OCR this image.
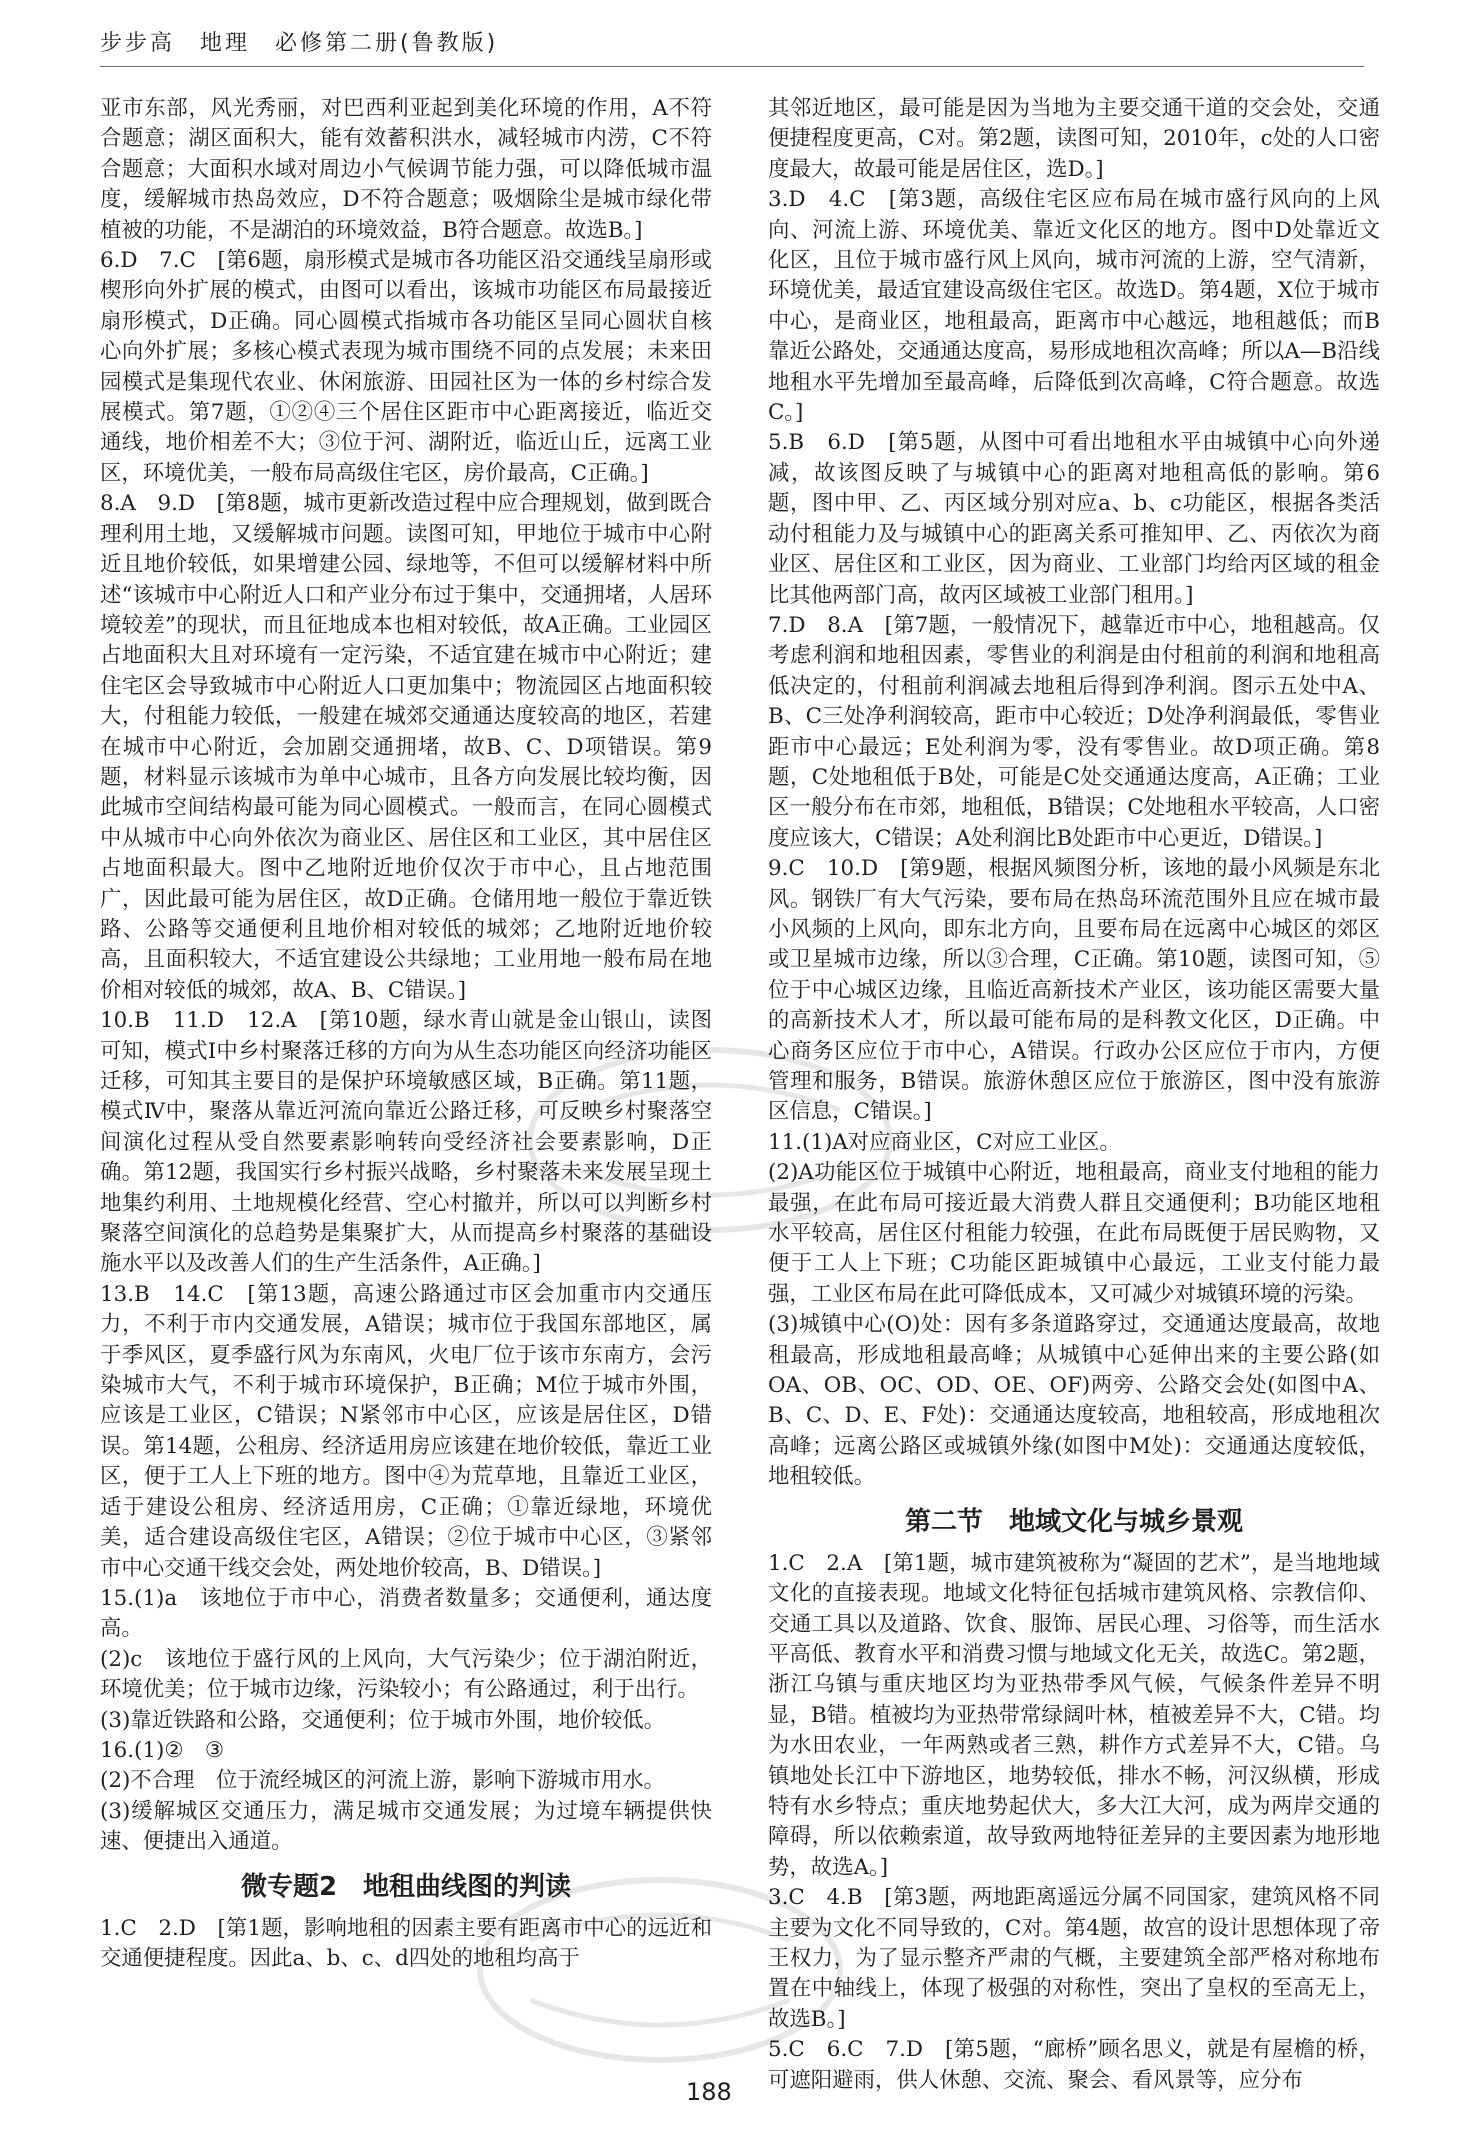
步步高　地理　必修第二册(鲁教版)

亚市东部，风光秀丽，对巴西利亚起到美化环境的作用，A不符合题意；湖区面积大，能有效蓄积洪水，减轻城市内涝，C不符合题意；大面积水域对周边小气候调节能力强，可以降低城市温度，缓解城市热岛效应，D不符合题意；吸烟除尘是城市绿化带植被的功能，不是湖泊的环境效益，B符合题意。故选B。]

6.D　7.C　[第6题，扇形模式是城市各功能区沿交通线呈扇形或楔形向外扩展的模式，由图可以看出，该城市功能区布局最接近扇形模式，D正确。同心圆模式指城市各功能区呈同心圆状自核心向外扩展；多核心模式表现为城市围绕不同的点发展；未来田园模式是集现代农业、休闲旅游、田园社区为一体的乡村综合发展模式。第7题，①②④三个居住区距市中心距离接近，临近交通线，地价相差不大；③位于河、湖附近，临近山丘，远离工业区，环境优美，一般布局高级住宅区，房价最高，C正确。]

8.A　9.D　[第8题，城市更新改造过程中应合理规划，做到既合理利用土地，又缓解城市问题。读图可知，甲地位于城市中心附近且地价较低，如果增建公园、绿地等，不但可以缓解材料中所述“该城市中心附近人口和产业分布过于集中，交通拥堵，人居环境较差”的现状，而且征地成本也相对较低，故A正确。工业园区占地面积大且对环境有一定污染，不适宜建在城市中心附近；建住宅区会导致城市中心附近人口更加集中；物流园区占地面积较大，付租能力较低，一般建在城郊交通通达度较高的地区，若建在城市中心附近，会加剧交通拥堵，故B、C、D项错误。第9题，材料显示该城市为单中心城市，且各方向发展比较均衡，因此城市空间结构最可能为同心圆模式。一般而言，在同心圆模式中从城市中心向外依次为商业区、居住区和工业区，其中居住区占地面积最大。图中乙地附近地价仅次于市中心，且占地范围广，因此最可能为居住区，故D正确。仓储用地一般位于靠近铁路、公路等交通便利且地价相对较低的城郊；乙地附近地价较高，且面积较大，不适宜建设公共绿地；工业用地一般布局在地价相对较低的城郊，故A、B、C错误。]

10.B　11.D　12.A　[第10题，绿水青山就是金山银山，读图可知，模式Ⅰ中乡村聚落迁移的方向为从生态功能区向经济功能区迁移，可知其主要目的是保护环境敏感区域，B正确。第11题，模式Ⅳ中，聚落从靠近河流向靠近公路迁移，可反映乡村聚落空间演化过程从受自然要素影响转向受经济社会要素影响，D正确。第12题，我国实行乡村振兴战略，乡村聚落未来发展呈现土地集约利用、土地规模化经营、空心村撤并，所以可以判断乡村聚落空间演化的总趋势是集聚扩大，从而提高乡村聚落的基础设施水平以及改善人们的生产生活条件，A正确。]

13.B　14.C　[第13题，高速公路通过市区会加重市内交通压力，不利于市内交通发展，A错误；城市位于我国东部地区，属于季风区，夏季盛行风为东南风，火电厂位于该市东南方，会污染城市大气，不利于城市环境保护，B正确；M位于城市外围，应该是工业区，C错误；N紧邻市中心区，应该是居住区，D错误。第14题，公租房、经济适用房应该建在地价较低，靠近工业区，便于工人上下班的地方。图中④为荒草地，且靠近工业区，适于建设公租房、经济适用房，C正确；①靠近绿地，环境优美，适合建设高级住宅区，A错误；②位于城市中心区，③紧邻市中心交通干线交会处，两处地价较高，B、D错误。]

15.(1)a　该地位于市中心，消费者数量多；交通便利，通达度高。

(2)c　该地位于盛行风的上风向，大气污染少；位于湖泊附近，环境优美；位于城市边缘，污染较小；有公路通过，利于出行。

(3)靠近铁路和公路，交通便利；位于城市外围，地价较低。

16.(1)②　③

(2)不合理　位于流经城区的河流上游，影响下游城市用水。

(3)缓解城区交通压力，满足城市交通发展；为过境车辆提供快速、便捷出入通道。

微专题2　地租曲线图的判读

1.C　2.D　[第1题，影响地租的因素主要有距离市中心的远近和交通便捷程度。因此a、b、c、d四处的地租均高于

其邻近地区，最可能是因为当地为主要交通干道的交会处，交通便捷程度更高，C对。第2题，读图可知，2010年，c处的人口密度最大，故最可能是居住区，选D。]

3.D　4.C　[第3题，高级住宅区应布局在城市盛行风向的上风向、河流上游、环境优美、靠近文化区的地方。图中D处靠近文化区，且位于城市盛行风上风向，城市河流的上游，空气清新，环境优美，最适宜建设高级住宅区。故选D。第4题，X位于城市中心，是商业区，地租最高，距离市中心越远，地租越低；而B靠近公路处，交通通达度高，易形成地租次高峰；所以A—B沿线地租水平先增加至最高峰，后降低到次高峰，C符合题意。故选C。]

5.B　6.D　[第5题，从图中可看出地租水平由城镇中心向外递减，故该图反映了与城镇中心的距离对地租高低的影响。第6题，图中甲、乙、丙区域分别对应a、b、c功能区，根据各类活动付租能力及与城镇中心的距离关系可推知甲、乙、丙依次为商业区、居住区和工业区，因为商业、工业部门均给丙区域的租金比其他两部门高，故丙区域被工业部门租用。]

7.D　8.A　[第7题，一般情况下，越靠近市中心，地租越高。仅考虑利润和地租因素，零售业的利润是由付租前的利润和地租高低决定的，付租前利润减去地租后得到净利润。图示五处中A、B、C三处净利润较高，距市中心较近；D处净利润最低，零售业距市中心最远；E处利润为零，没有零售业。故D项正确。第8题，C处地租低于B处，可能是C处交通通达度高，A正确；工业区一般分布在市郊，地租低，B错误；C处地租水平较高，人口密度应该大，C错误；A处利润比B处距市中心更近，D错误。]

9.C　10.D　[第9题，根据风频图分析，该地的最小风频是东北风。钢铁厂有大气污染，要布局在热岛环流范围外且应在城市最小风频的上风向，即东北方向，且要布局在远离中心城区的郊区或卫星城市边缘，所以③合理，C正确。第10题，读图可知，⑤位于中心城区边缘，且临近高新技术产业区，该功能区需要大量的高新技术人才，所以最可能布局的是科教文化区，D正确。中心商务区应位于市中心，A错误。行政办公区应位于市内，方便管理和服务，B错误。旅游休憩区应位于旅游区，图中没有旅游区信息，C错误。]

11.(1)A对应商业区，C对应工业区。

(2)A功能区位于城镇中心附近，地租最高，商业支付地租的能力最强，在此布局可接近最大消费人群且交通便利；B功能区地租水平较高，居住区付租能力较强，在此布局既便于居民购物，又便于工人上下班；C功能区距城镇中心最远，工业支付能力最强，工业区布局在此可降低成本，又可减少对城镇环境的污染。

(3)城镇中心(O)处：因有多条道路穿过，交通通达度最高，故地租最高，形成地租最高峰；从城镇中心延伸出来的主要公路(如OA、OB、OC、OD、OE、OF)两旁、公路交会处(如图中A、B、C、D、E、F处)：交通通达度较高，地租较高，形成地租次高峰；远离公路区或城镇外缘(如图中M处)：交通通达度较低，地租较低。

第二节　地域文化与城乡景观

1.C　2.A　[第1题，城市建筑被称为“凝固的艺术”，是当地地域文化的直接表现。地域文化特征包括城市建筑风格、宗教信仰、交通工具以及道路、饮食、服饰、居民心理、习俗等，而生活水平高低、教育水平和消费习惯与地域文化无关，故选C。第2题，浙江乌镇与重庆地区均为亚热带季风气候，气候条件差异不明显，B错。植被均为亚热带常绿阔叶林，植被差异不大，C错。均为水田农业，一年两熟或者三熟，耕作方式差异不大，C错。乌镇地处长江中下游地区，地势较低，排水不畅，河汉纵横，形成特有水乡特点；重庆地势起伏大，多大江大河，成为两岸交通的障碍，所以依赖索道，故导致两地特征差异的主要因素为地形地势，故选A。]

3.C　4.B　[第3题，两地距离遥远分属不同国家，建筑风格不同主要为文化不同导致的，C对。第4题，故宫的设计思想体现了帝王权力，为了显示整齐严肃的气概，主要建筑全部严格对称地布置在中轴线上，体现了极强的对称性，突出了皇权的至高无上，故选B。]

5.C　6.C　7.D　[第5题，“廊桥”顾名思义，就是有屋檐的桥，可遮阳避雨，供人休憩、交流、聚会、看风景等，应分布

188
